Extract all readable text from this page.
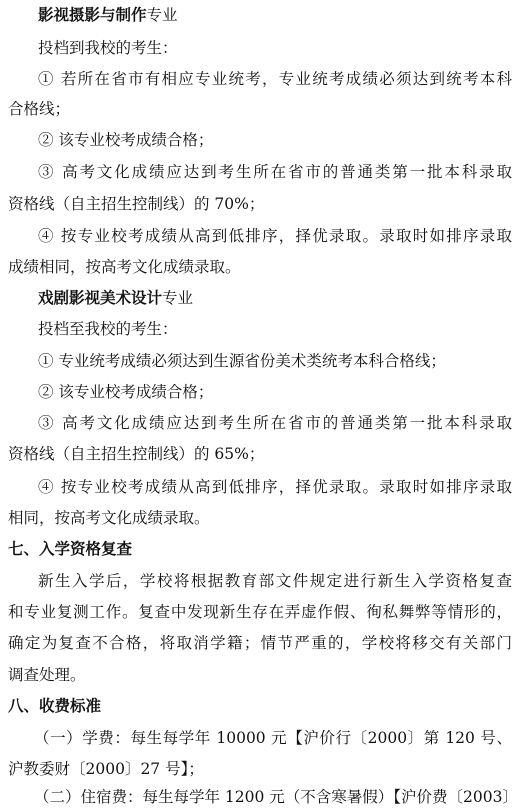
影视摄影与制作专业
投档到我校的考生：
① 若所在省市有相应专业统考，专业统考成绩必须达到统考本科
合格线；
② 该专业校考成绩合格；
③ 高考文化成绩应达到考生所在省市的普通类第一批本科录取
资格线（自主招生控制线）的 70%；
④ 按专业校考成绩从高到低排序，择优录取。录取时如排序录取
成绩相同，按高考文化成绩录取。
戏剧影视美术设计专业
投档至我校的考生：
① 专业统考成绩必须达到生源省份美术类统考本科合格线；
② 该专业校考成绩合格；
③ 高考文化成绩应达到考生所在省市的普通类第一批本科录取
资格线（自主招生控制线）的 65%；
④ 按专业校考成绩从高到低排序，择优录取。录取时如排序录取
相同，按高考文化成绩录取。
七、入学资格复查
新生入学后，学校将根据教育部文件规定进行新生入学资格复查
和专业复测工作。复查中发现新生存在弄虚作假、徇私舞弊等情形的，
确定为复查不合格，将取消学籍；情节严重的，学校将移交有关部门
调查处理。
八、收费标准
（一）学费：每生每学年 10000 元【沪价行〔2000〕第 120 号、
沪教委财〔2000〕27 号】；
（二）住宿费：每生每学年 1200 元（不含寒暑假）【沪价费〔2003〕
